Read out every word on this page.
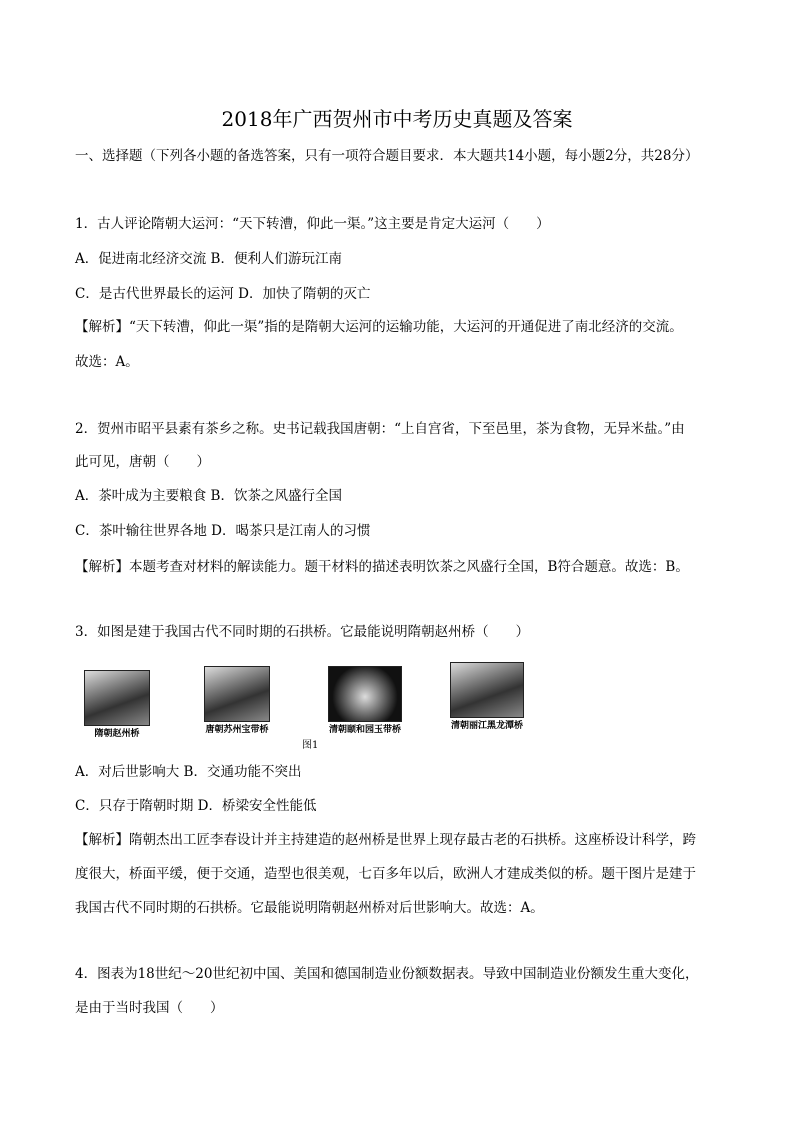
2018年广西贺州市中考历史真题及答案
一、选择题（下列各小题的备选答案，只有一项符合题目要求．本大题共14小题，每小题2分，共28分）
1．古人评论隋朝大运河：“天下转漕，仰此一渠。”这主要是肯定大运河（　　）
A．促进南北经济交流 B．便利人们游玩江南
C．是古代世界最长的运河 D．加快了隋朝的灭亡
【解析】“天下转漕，仰此一渠”指的是隋朝大运河的运输功能，大运河的开通促进了南北经济的交流。
故选：A。
2．贺州市昭平县素有茶乡之称。史书记载我国唐朝：“上自宫省，下至邑里，茶为食物，无异米盐。”由
此可见，唐朝（　　）
A．茶叶成为主要粮食 B．饮茶之风盛行全国
C．茶叶输往世界各地 D．喝茶只是江南人的习惯
【解析】本题考查对材料的解读能力。题干材料的描述表明饮茶之风盛行全国，B符合题意。故选：B。
3．如图是建于我国古代不同时期的石拱桥。它最能说明隋朝赵州桥（　　）
隋朝赵州桥	唐朝苏州宝带桥	清朝颐和园玉带桥	清朝丽江黑龙潭桥
图1
A．对后世影响大 B．交通功能不突出
C．只存于隋朝时期 D．桥梁安全性能低
【解析】隋朝杰出工匠李春设计并主持建造的赵州桥是世界上现存最古老的石拱桥。这座桥设计科学，跨
度很大，桥面平缓，便于交通，造型也很美观，七百多年以后，欧洲人才建成类似的桥。题干图片是建于
我国古代不同时期的石拱桥。它最能说明隋朝赵州桥对后世影响大。故选：A。
4．图表为18世纪～20世纪初中国、美国和德国制造业份额数据表。导致中国制造业份额发生重大变化，
是由于当时我国（　　）
